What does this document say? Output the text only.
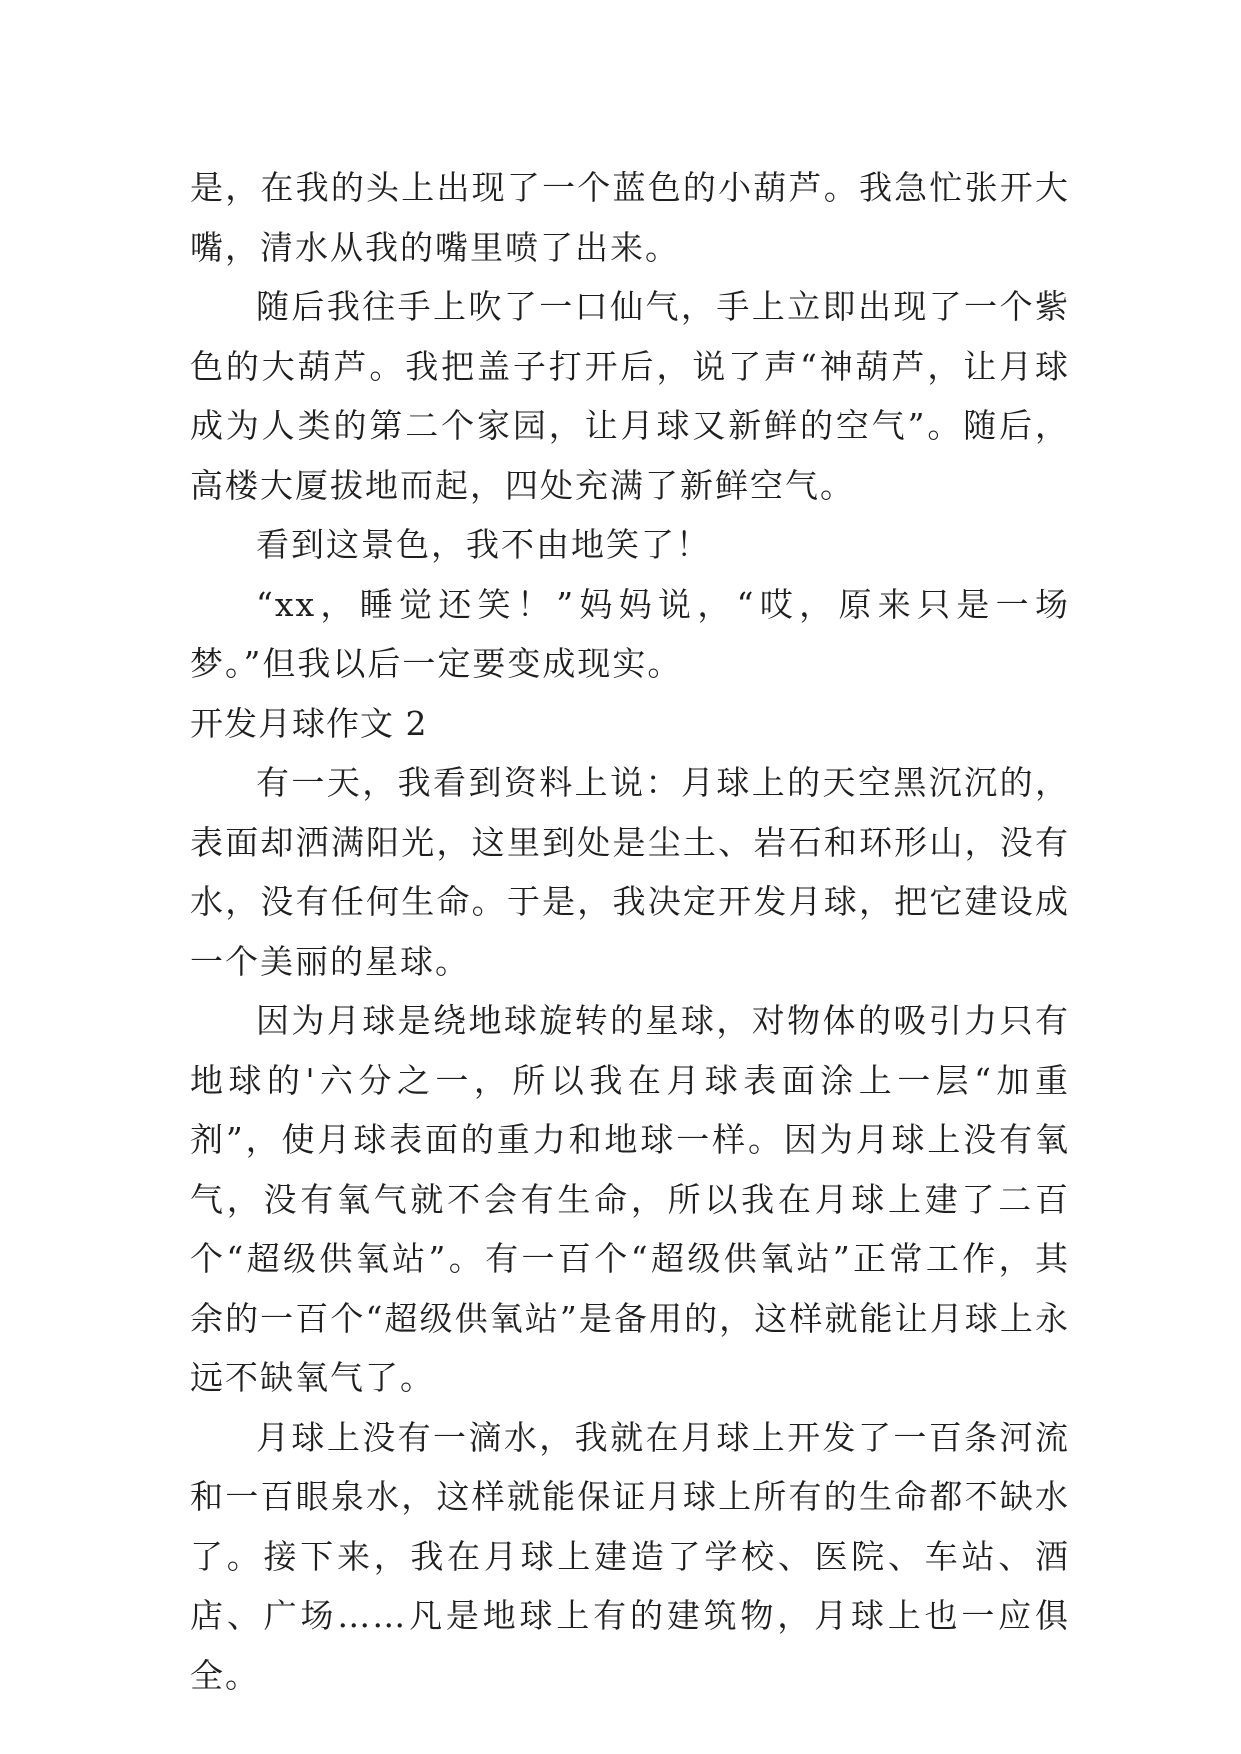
是，在我的头上出现了一个蓝色的小葫芦。我急忙张开大嘴，清水从我的嘴里喷了出来。

随后我往手上吹了一口仙气，手上立即出现了一个紫色的大葫芦。我把盖子打开后，说了声“神葫芦，让月球成为人类的第二个家园，让月球又新鲜的空气”。随后，高楼大厦拔地而起，四处充满了新鲜空气。

看到这景色，我不由地笑了！

“xx，睡觉还笑！”妈妈说，“哎，原来只是一场梦。”但我以后一定要变成现实。

开发月球作文 2

有一天，我看到资料上说：月球上的天空黑沉沉的，表面却洒满阳光，这里到处是尘土、岩石和环形山，没有水，没有任何生命。于是，我决定开发月球，把它建设成一个美丽的星球。

因为月球是绕地球旋转的星球，对物体的吸引力只有地球的'六分之一，所以我在月球表面涂上一层“加重剂”，使月球表面的重力和地球一样。因为月球上没有氧气，没有氧气就不会有生命，所以我在月球上建了二百个“超级供氧站”。有一百个“超级供氧站”正常工作，其余的一百个“超级供氧站”是备用的，这样就能让月球上永远不缺氧气了。

月球上没有一滴水，我就在月球上开发了一百条河流和一百眼泉水，这样就能保证月球上所有的生命都不缺水了。接下来，我在月球上建造了学校、医院、车站、酒店、广场……凡是地球上有的建筑物，月球上也一应俱全。
